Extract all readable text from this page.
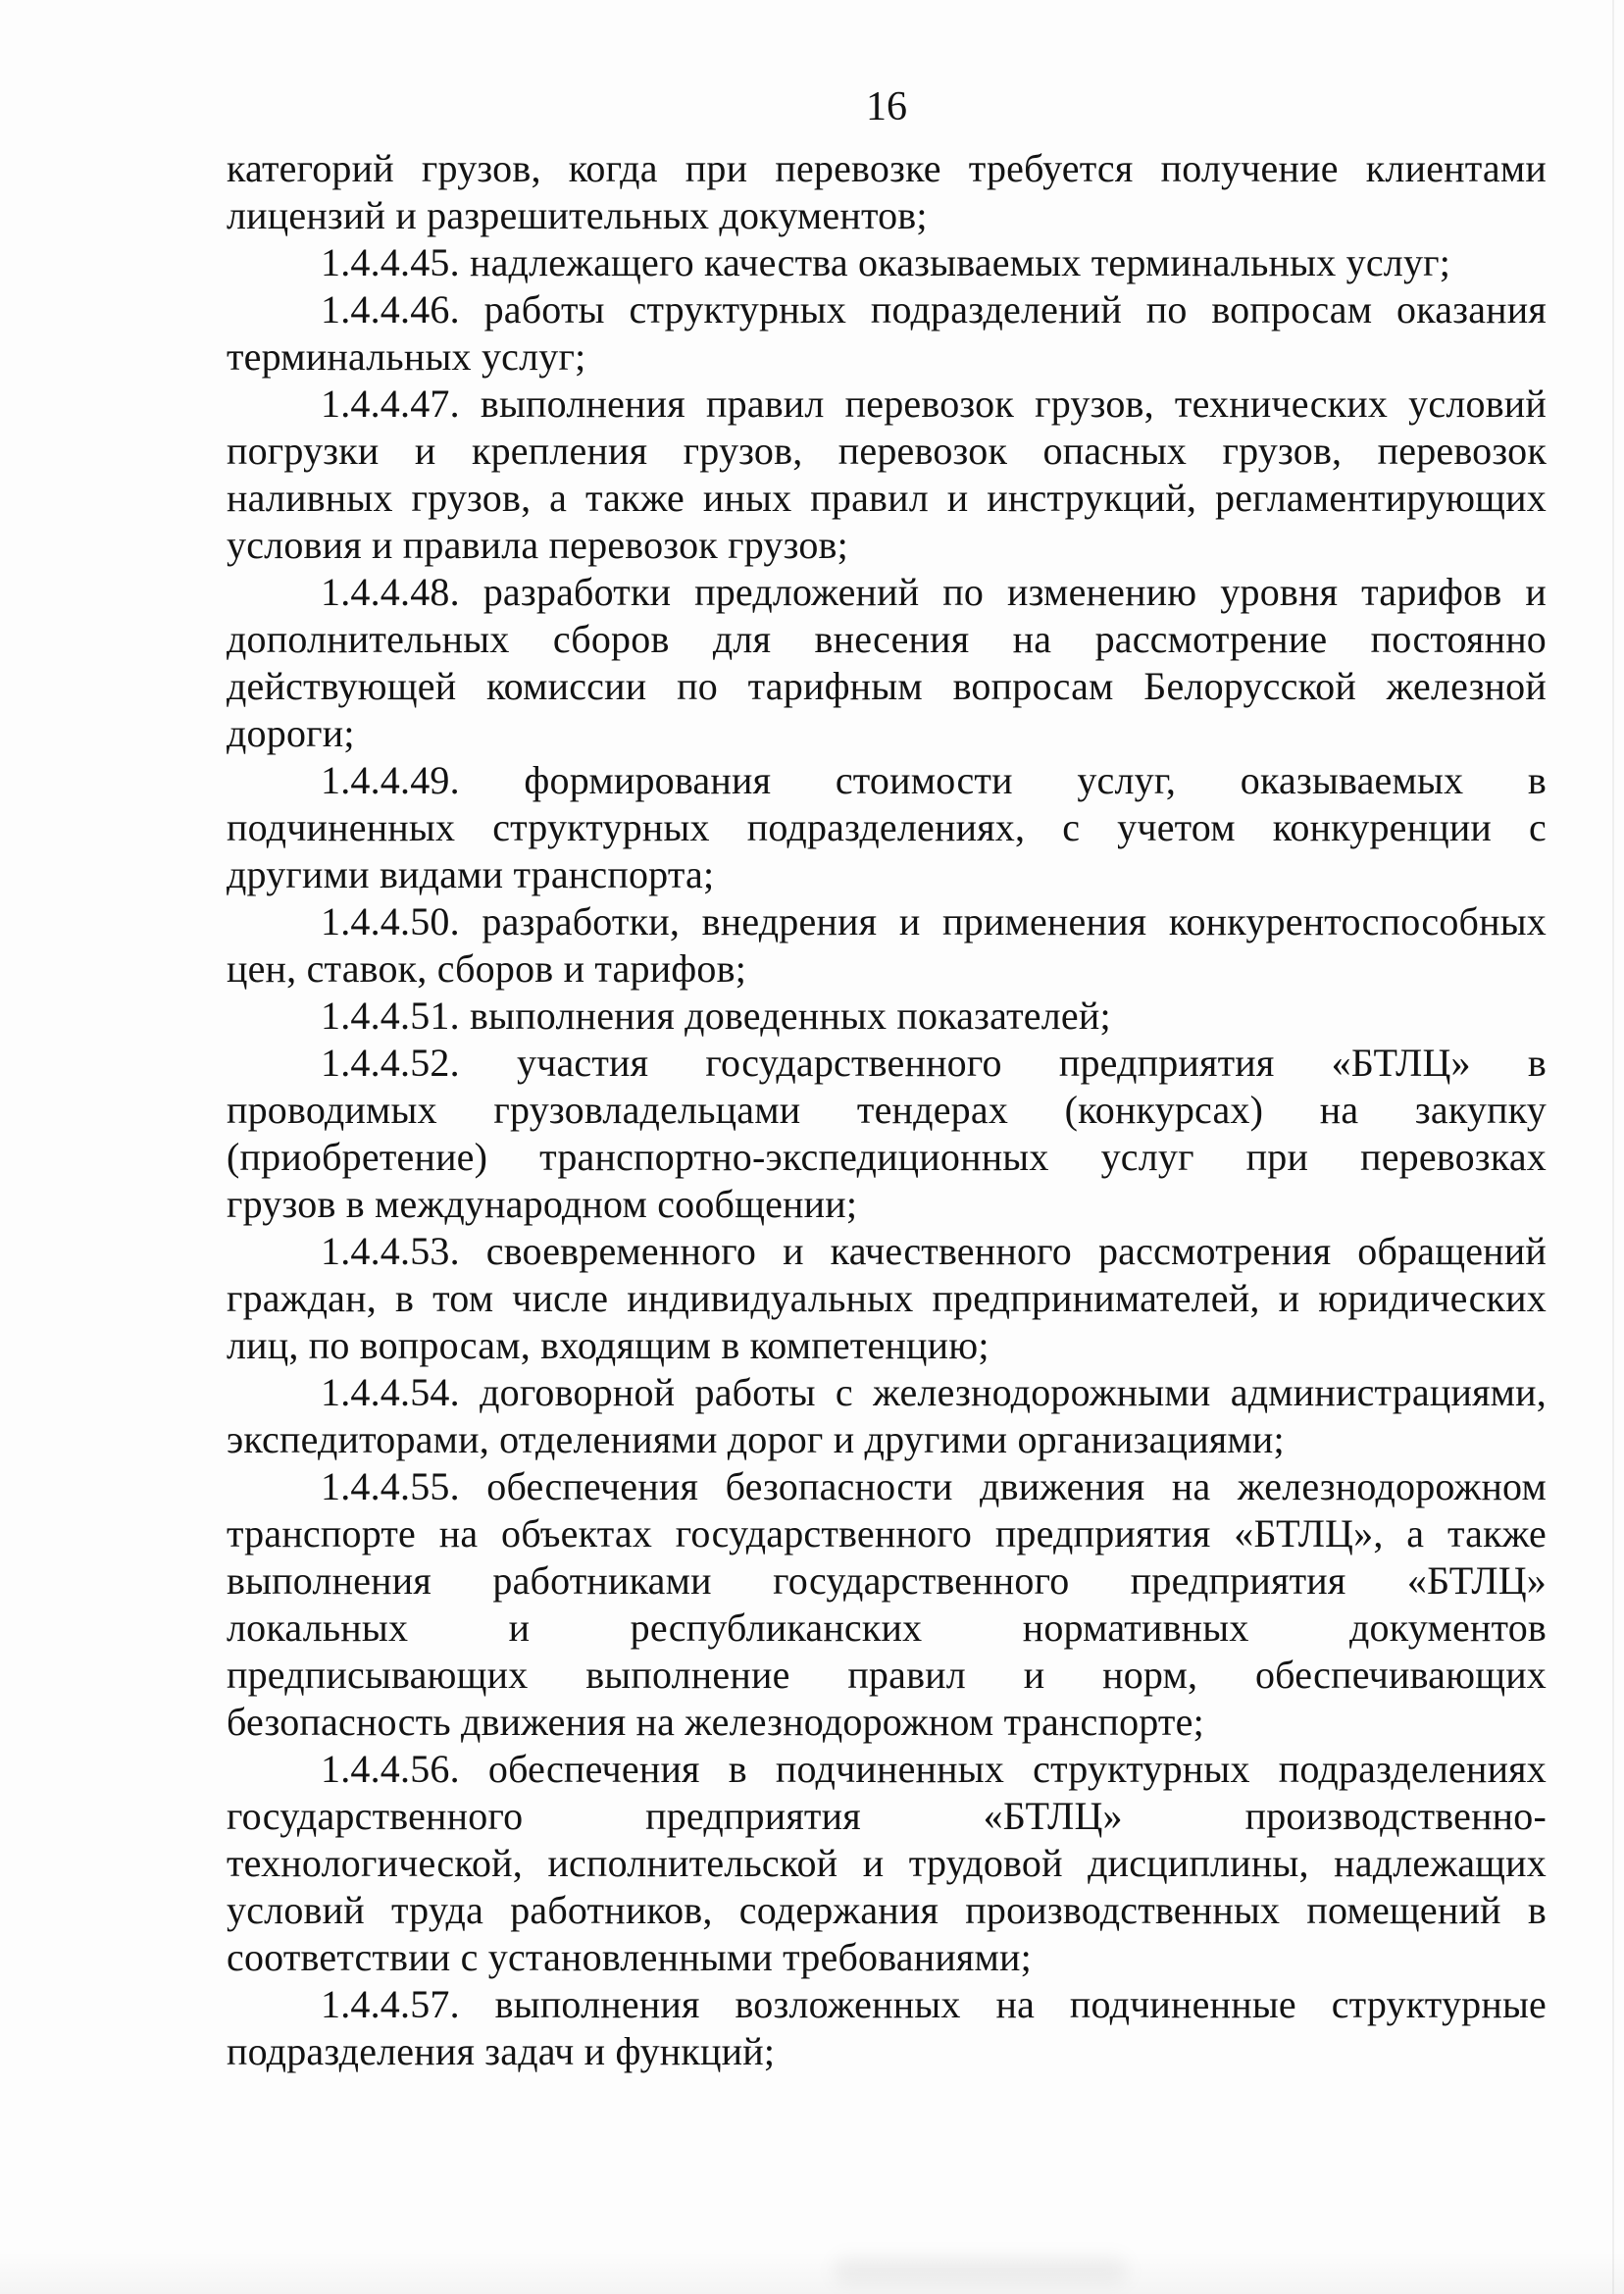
16
категорий грузов, когда при перевозке требуется получение клиентами
лицензий и разрешительных документов;
1.4.4.45. надлежащего качества оказываемых терминальных услуг;
1.4.4.46. работы структурных подразделений по вопросам оказания
терминальных услуг;
1.4.4.47. выполнения правил перевозок грузов, технических условий
погрузки и крепления грузов, перевозок опасных грузов, перевозок
наливных грузов, а также иных правил и инструкций, регламентирующих
условия и правила перевозок грузов;
1.4.4.48. разработки предложений по изменению уровня тарифов и
дополнительных сборов для внесения на рассмотрение постоянно
действующей комиссии по тарифным вопросам Белорусской железной
дороги;
1.4.4.49. формирования стоимости услуг, оказываемых в
подчиненных структурных подразделениях, с учетом конкуренции с
другими видами транспорта;
1.4.4.50. разработки, внедрения и применения конкурентоспособных
цен, ставок, сборов и тарифов;
1.4.4.51. выполнения доведенных показателей;
1.4.4.52. участия государственного предприятия «БТЛЦ» в
проводимых грузовладельцами тендерах (конкурсах) на закупку
(приобретение) транспортно-экспедиционных услуг при перевозках
грузов в международном сообщении;
1.4.4.53. своевременного и качественного рассмотрения обращений
граждан, в том числе индивидуальных предпринимателей, и юридических
лиц, по вопросам, входящим в компетенцию;
1.4.4.54. договорной работы с железнодорожными администрациями,
экспедиторами, отделениями дорог и другими организациями;
1.4.4.55. обеспечения безопасности движения на железнодорожном
транспорте на объектах государственного предприятия «БТЛЦ», а также
выполнения работниками государственного предприятия «БТЛЦ»
локальных и республиканских нормативных документов
предписывающих выполнение правил и норм, обеспечивающих
безопасность движения на железнодорожном транспорте;
1.4.4.56. обеспечения в подчиненных структурных подразделениях
государственного предприятия «БТЛЦ» производственно-
технологической, исполнительской и трудовой дисциплины, надлежащих
условий труда работников, содержания производственных помещений в
соответствии с установленными требованиями;
1.4.4.57. выполнения возложенных на подчиненные структурные
подразделения задач и функций;
